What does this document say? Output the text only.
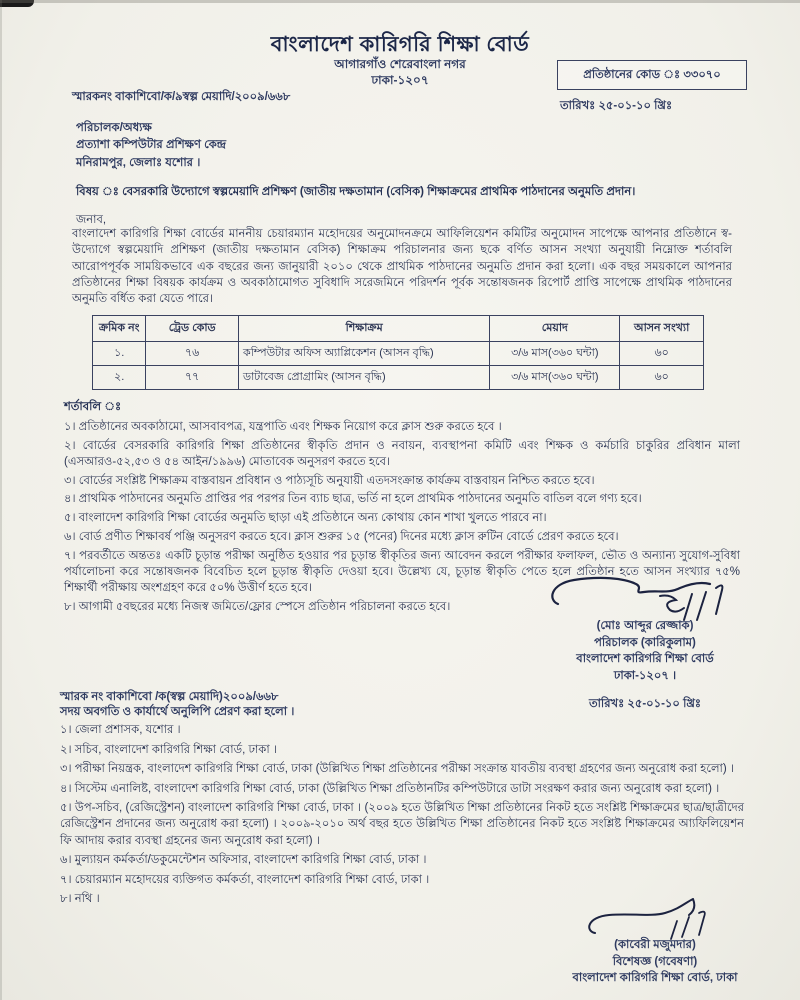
বাংলাদেশ কারিগরি শিক্ষা বোর্ড
আগারগাঁও শেরেবাংলা নগর
ঢাকা-১২০৭	প্রতিষ্ঠানের কোড ঃ ৩৩০৭০
তারিখঃ ২৫-০১-১০ খ্রিঃ
স্মারকনং বাকাশিবো/ক/৯স্বল্প মেয়াদি/২০০৯/৬৬৮
পরিচালক/অধ্যক্ষ
প্রত্যাশা কম্পিউটার প্রশিক্ষণ কেন্দ্র
মনিরামপুর, জেলাঃ যশোর ।
বিষয় ঃ বেসরকারি উদ্যোগে স্বল্পমেয়াদি প্রশিক্ষণ (জাতীয় দক্ষতামান (বেসিক) শিক্ষাক্রমের প্রাথমিক পাঠদানের অনুমতি প্রদান।
জনাব,

বাংলাদেশ কারিগরি শিক্ষা বোর্ডের মাননীয় চেয়ারম্যান মহোদয়ের অনুমোদনক্রমে আফিলিয়েশন কমিটির অনুমোদন সাপেক্ষে আপনার প্রতিষ্ঠানে স্ব-উদ্যোগে স্বল্পমেয়াদি প্রশিক্ষণ (জাতীয় দক্ষতামান বেসিক) শিক্ষাক্রম পরিচালনার জন্য ছকে বর্ণিত আসন সংখ্যা অনুযায়ী নিম্নোক্ত শর্তাবলি আরোপপূর্বক সাময়িকভাবে এক বছরের জন্য জানুয়ারী ২০১০ থেকে প্রাথমিক পাঠদানের অনুমতি প্রদান করা হলো। এক বছর সময়কালে আপনার প্রতিষ্ঠানের শিক্ষা বিষয়ক কার্যক্রম ও অবকাঠামোগত সুবিধাদি সরেজমিনে পরিদর্শন পূর্বক সন্তোষজনক রিপোর্ট প্রাপ্তি সাপেক্ষে প্রাথমিক পাঠদানের অনুমতি বর্ধিত করা যেতে পারে।

ক্রমিক নং	ট্রেড কোড	শিক্ষাক্রম	মেয়াদ	আসন সংখ্যা
১.	৭৬	কম্পিউটার অফিস অ্যাপ্লিকেশন (আসন বৃদ্ধি)	৩/৬ মাস(৩৬০ ঘন্টা)	৬০
২.	৭৭	ডাটাবেজ প্রোগ্রামিং (আসন বৃদ্ধি)	৩/৬ মাস(৩৬০ ঘন্টা)	৬০
শর্তাবলি ঃ
১। প্রতিষ্ঠানের অবকাঠামো, আসবাবপত্র, যন্ত্রপাতি এবং শিক্ষক নিয়োগ করে ক্লাস শুরু করতে হবে ।
২। বোর্ডের বেসরকারি কারিগরি শিক্ষা প্রতিষ্ঠানের স্বীকৃতি প্রদান ও নবায়ন, ব্যবস্থাপনা কমিটি এবং শিক্ষক ও কর্মচারি চাকুরির প্রবিধান মালা (এসআরও-৫২,৫৩ ও ৫৪ আইন/১৯৯৬) মোতাবেক অনুসরণ করতে হবে।
৩। বোর্ডের সংশ্লিষ্ট শিক্ষাক্রম বাস্তবায়ন প্রবিধান ও পাঠ্যসূচি অনুযায়ী এতদসংক্রান্ত কার্যক্রম বাস্তবায়ন নিশ্চিত করতে হবে।
৪। প্রাথমিক পাঠদানের অনুমতি প্রাপ্তির পর পরপর তিন ব্যাচ ছাত্র, ভর্তি না হলে প্রাথমিক পাঠদানের অনুমতি বাতিল বলে গণ্য হবে।
৫। বাংলাদেশ কারিগরি শিক্ষা বোর্ডের অনুমতি ছাড়া এই প্রতিষ্ঠানে অন্য কোথায় কোন শাখা খুলতে পারবে না।
৬। বোর্ড প্রণীত শিক্ষাবর্ষ পঞ্জি অনুসরণ করতে হবে। ক্লাস শুরুর ১৫ (পনের) দিনের মধ্যে ক্লাস রুটিন বোর্ডে প্রেরণ করতে হবে।
৭। পরবর্তীতে অন্ততঃ একটি চূড়ান্ত পরীক্ষা অনুষ্ঠিত হওয়ার পর চূড়ান্ত স্বীকৃতির জন্য আবেদন করলে পরীক্ষার ফলাফল, ভৌত ও অন্যান্য সুযোগ-সুবিধা পর্যালোচনা করে সন্তোষজনক বিবেচিত হলে চূড়ান্ত স্বীকৃতি দেওয়া হবে। উল্লেখ্য যে, চূড়ান্ত স্বীকৃতি পেতে হলে প্রতিষ্ঠান হতে আসন সংখ্যার ৭৫% শিক্ষার্থী পরীক্ষায় অংশগ্রহণ করে ৫০% উত্তীর্ণ হতে হবে।
৮। আগামী ৫বছরের মধ্যে নিজস্ব জমিতে/ফ্লোর স্পেসে প্রতিষ্ঠান পরিচালনা করতে হবে।
(মোঃ আব্দুর রেজ্জাক)
পরিচালক (কারিকুলাম)
বাংলাদেশ কারিগরি শিক্ষা বোর্ড
ঢাকা-১২০৭ ।
তারিখঃ ২৫-০১-১০ খ্রিঃ
স্মারক নং বাকাশিবো /ক(স্বল্প মেয়াদি)২০০৯/৬৬৮
সদয় অবগতি ও কার্যার্থে অনুলিপি প্রেরণ করা হলো ।
১। জেলা প্রশাসক, যশোর ।
২। সচিব, বাংলাদেশ কারিগরি শিক্ষা বোর্ড, ঢাকা ।
৩। পরীক্ষা নিয়ন্ত্রক, বাংলাদেশ কারিগরি শিক্ষা বোর্ড, ঢাকা (উল্লিখিত শিক্ষা প্রতিষ্ঠানের পরীক্ষা সংক্রান্ত যাবতীয় ব্যবস্থা গ্রহণের জন্য অনুরোধ করা হলো) ।
৪। সিস্টেম এনালিষ্ট, বাংলাদেশ কারিগরি শিক্ষা বোর্ড, ঢাকা (উল্লিখিত শিক্ষা প্রতিষ্ঠানটির কম্পিউটারে ডাটা সংরক্ষণ করার জন্য অনুরোধ করা হলো) ।
৫। উপ-সচিব, (রেজিস্ট্রেশন) বাংলাদেশ কারিগরি শিক্ষা বোর্ড, ঢাকা । (২০০৯ হতে উল্লিখিত শিক্ষা প্রতিষ্ঠানের নিকট হতে সংশ্লিষ্ট শিক্ষাক্রমের ছাত্র/ছাত্রীদের রেজিস্ট্রেশন প্রদানের জন্য অনুরোধ করা হলো) । ২০০৯-২০১০ অর্থ বছর হতে উল্লিখিত শিক্ষা প্রতিষ্ঠানের নিকট হতে সংশ্লিষ্ট শিক্ষাক্রমের আ্যফিলিয়েশন ফি আদায় করার ব্যবস্থা গ্রহনের জন্য অনুরোধ করা হলো) ।
৬। মুল্যায়ন কর্মকর্তা/ডকুমেন্টেশন অফিসার, বাংলাদেশ কারিগরি শিক্ষা বোর্ড, ঢাকা ।
৭। চেয়ারম্যান মহোদয়ের ব্যক্তিগত কর্মকর্তা, বাংলাদেশ কারিগরি শিক্ষা বোর্ড, ঢাকা ।
৮। নথি ।
(কাবেরী মজুমদার)
বিশেষজ্ঞ (গবেষণা)
বাংলাদেশ কারিগরি শিক্ষা বোর্ড, ঢাকা
